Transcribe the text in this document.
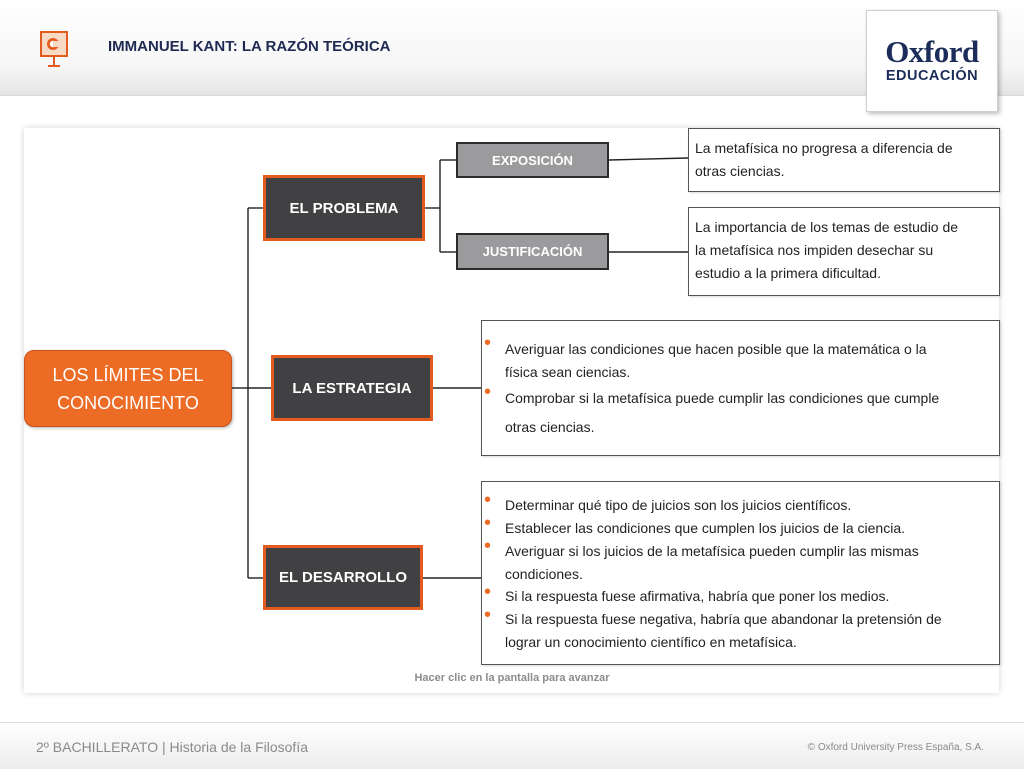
IMMANUEL KANT: LA RAZÓN TEÓRICA	Oxford
EDUCACIÓN
LOS LÍMITES DEL
CONOCIMIENTO
EL PROBLEMA
LA ESTRATEGIA
EL DESARROLLO
EXPOSICIÓN
JUSTIFICACIÓN
La metafísica no progresa a diferencia de
otras ciencias.
La importancia de los temas de estudio de
la metafísica nos impiden desechar su
estudio a la primera dificultad.
• Averiguar las condiciones que hacen posible que la matemática o la
física sean ciencias.
• Comprobar si la metafísica puede cumplir las condiciones que cumple
otras ciencias.
• Determinar qué tipo de juicios son los juicios científicos.
• Establecer las condiciones que cumplen los juicios de la ciencia.
• Averiguar si los juicios de la metafísica pueden cumplir las mismas
condiciones.
• Si la respuesta fuese afirmativa, habría que poner los medios.
• Si la respuesta fuese negativa, habría que abandonar la pretensión de
lograr un conocimiento científico en metafísica.
Hacer clic en la pantalla para avanzar
2º BACHILLERATO | Historia de la Filosofía	© Oxford University Press España, S.A.
